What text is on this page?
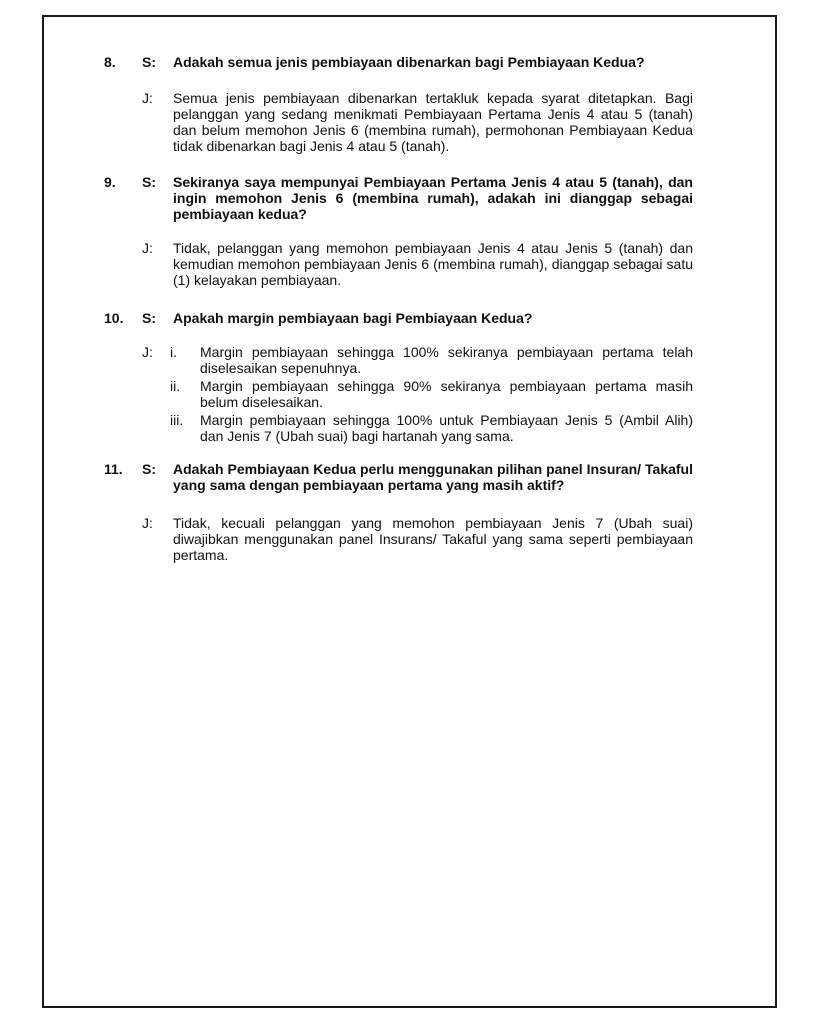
8. S: Adakah semua jenis pembiayaan dibenarkan bagi Pembiayaan Kedua?
J: Semua jenis pembiayaan dibenarkan tertakluk kepada syarat ditetapkan. Bagi pelanggan yang sedang menikmati Pembiayaan Pertama Jenis 4 atau 5 (tanah) dan belum memohon Jenis 6 (membina rumah), permohonan Pembiayaan Kedua tidak dibenarkan bagi Jenis 4 atau 5 (tanah).
9. S: Sekiranya saya mempunyai Pembiayaan Pertama Jenis 4 atau 5 (tanah), dan ingin memohon Jenis 6 (membina rumah), adakah ini dianggap sebagai pembiayaan kedua?
J: Tidak, pelanggan yang memohon pembiayaan Jenis 4 atau Jenis 5 (tanah) dan kemudian memohon pembiayaan Jenis 6 (membina rumah), dianggap sebagai satu (1) kelayakan pembiayaan.
10. S: Apakah margin pembiayaan bagi Pembiayaan Kedua?
J: i. Margin pembiayaan sehingga 100% sekiranya pembiayaan pertama telah diselesaikan sepenuhnya.
ii. Margin pembiayaan sehingga 90% sekiranya pembiayaan pertama masih belum diselesaikan.
iii. Margin pembiayaan sehingga 100% untuk Pembiayaan Jenis 5 (Ambil Alih) dan Jenis 7 (Ubah suai) bagi hartanah yang sama.
11. S: Adakah Pembiayaan Kedua perlu menggunakan pilihan panel Insuran/ Takaful yang sama dengan pembiayaan pertama yang masih aktif?
J: Tidak, kecuali pelanggan yang memohon pembiayaan Jenis 7 (Ubah suai) diwajibkan menggunakan panel Insurans/ Takaful yang sama seperti pembiayaan pertama.
